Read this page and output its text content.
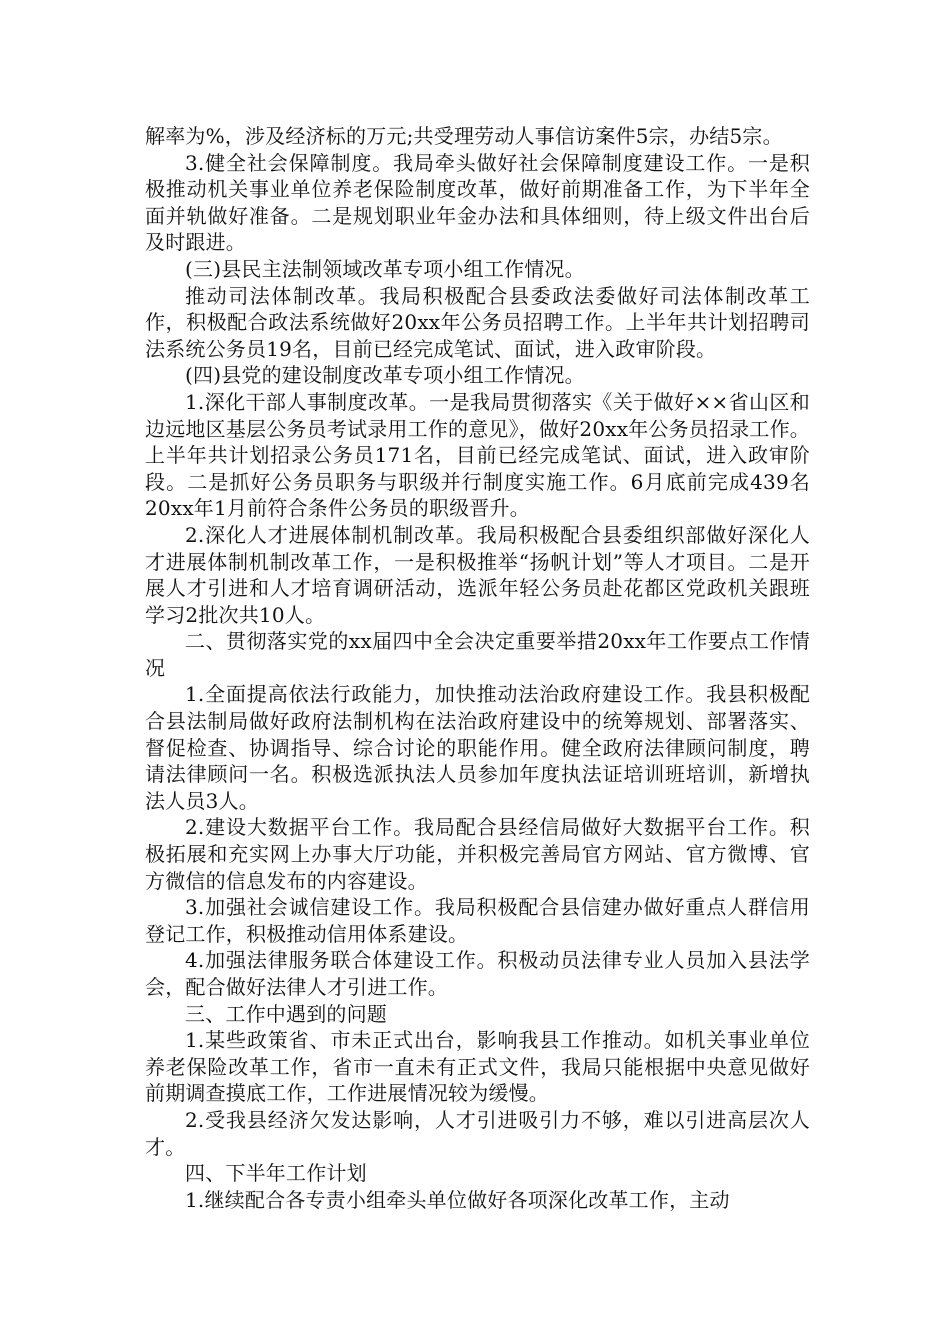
解率为%，涉及经济标的万元;共受理劳动人事信访案件5宗，办结5宗。

3.健全社会保障制度。我局牵头做好社会保障制度建设工作。一是积极推动机关事业单位养老保险制度改革，做好前期准备工作，为下半年全面并轨做好准备。二是规划职业年金办法和具体细则，待上级文件出台后及时跟进。

(三)县民主法制领域改革专项小组工作情况。

推动司法体制改革。我局积极配合县委政法委做好司法体制改革工作，积极配合政法系统做好20xx年公务员招聘工作。上半年共计划招聘司法系统公务员19名，目前已经完成笔试、面试，进入政审阶段。

(四)县党的建设制度改革专项小组工作情况。

1.深化干部人事制度改革。一是我局贯彻落实《关于做好××省山区和边远地区基层公务员考试录用工作的意见》，做好20xx年公务员招录工作。上半年共计划招录公务员171名，目前已经完成笔试、面试，进入政审阶段。二是抓好公务员职务与职级并行制度实施工作。6月底前完成439名20xx年1月前符合条件公务员的职级晋升。

2.深化人才进展体制机制改革。我局积极配合县委组织部做好深化人才进展体制机制改革工作，一是积极推举“扬帆计划”等人才项目。二是开展人才引进和人才培育调研活动，选派年轻公务员赴花都区党政机关跟班学习2批次共10人。

二、贯彻落实党的xx届四中全会决定重要举措20xx年工作要点工作情况

1.全面提高依法行政能力，加快推动法治政府建设工作。我县积极配合县法制局做好政府法制机构在法治政府建设中的统筹规划、部署落实、督促检查、协调指导、综合讨论的职能作用。健全政府法律顾问制度，聘请法律顾问一名。积极选派执法人员参加年度执法证培训班培训，新增执法人员3人。

2.建设大数据平台工作。我局配合县经信局做好大数据平台工作。积极拓展和充实网上办事大厅功能，并积极完善局官方网站、官方微博、官方微信的信息发布的内容建设。

3.加强社会诚信建设工作。我局积极配合县信建办做好重点人群信用登记工作，积极推动信用体系建设。

4.加强法律服务联合体建设工作。积极动员法律专业人员加入县法学会，配合做好法律人才引进工作。

三、工作中遇到的问题

1.某些政策省、市未正式出台，影响我县工作推动。如机关事业单位养老保险改革工作，省市一直未有正式文件，我局只能根据中央意见做好前期调查摸底工作，工作进展情况较为缓慢。

2.受我县经济欠发达影响，人才引进吸引力不够，难以引进高层次人才。

四、下半年工作计划

1.继续配合各专责小组牵头单位做好各项深化改革工作，主动
